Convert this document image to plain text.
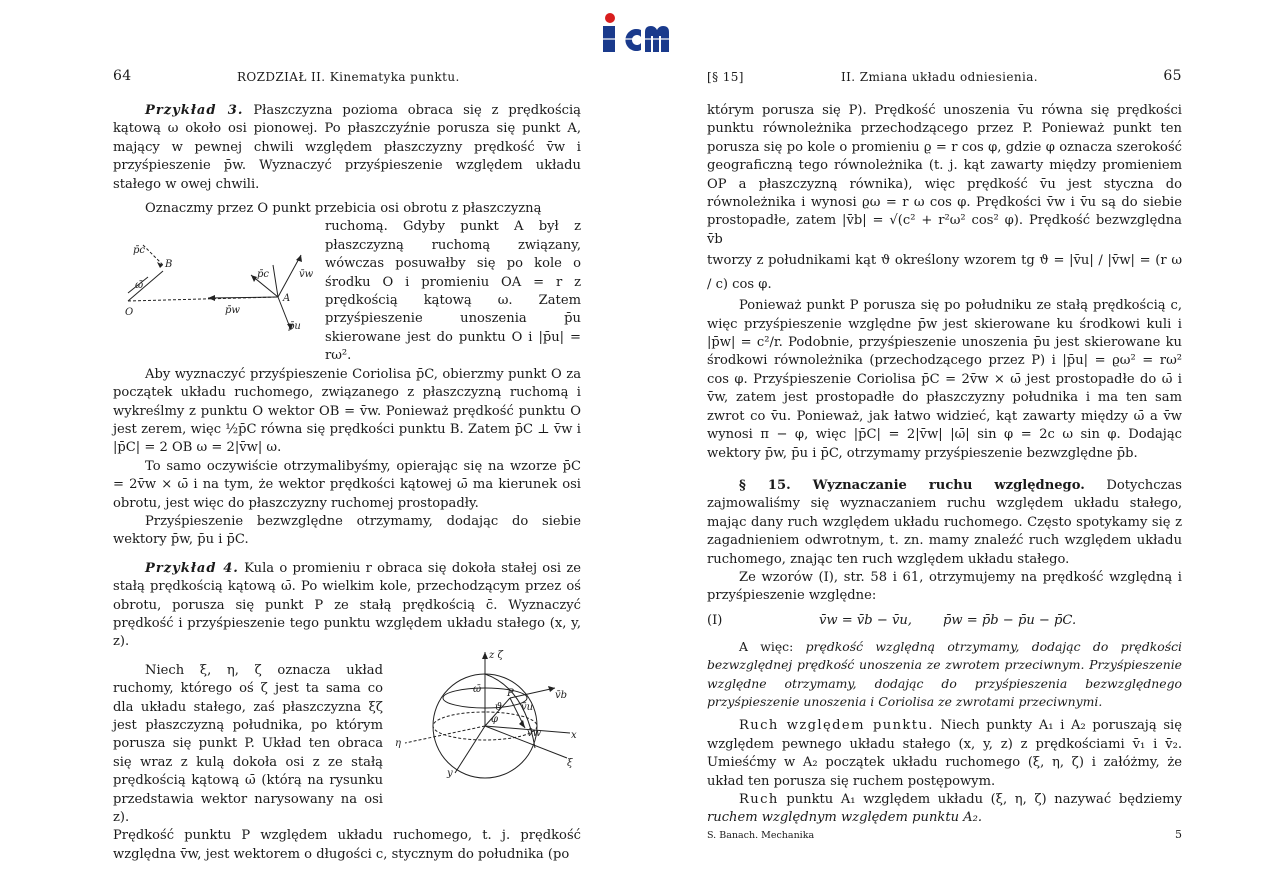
64	ROZDZIAŁ II. Kinematyka punktu.

Przykład 3. Płaszczyzna pozioma obraca się z prędkością kątową ω około osi pionowej. Po płaszczyźnie porusza się punkt A, mający w pewnej chwili względem płaszczyzny prędkość v̄w i przyśpieszenie p̄w. Wyznaczyć przyśpieszenie względem układu stałego w owej chwili.

Oznaczmy przez O punkt przebicia osi obrotu z płaszczyzną

ruchomą. Gdyby punkt A był z płaszczyzną ruchomą związany, wówczas posuwałby się po kole o środku O i promieniu OA = r z prędkością kątową ω. Zatem przyśpieszenie unoszenia p̄u skierowane jest do punktu O i |p̄u| = rω².

Aby wyznaczyć przyśpieszenie Coriolisa p̄C, obierzmy punkt O za początek układu ruchomego, związanego z płaszczyzną ruchomą i wykreślmy z punktu O wektor OB = v̄w. Ponieważ prędkość punktu O jest zerem, więc ½p̄C równa się prędkości punktu B. Zatem p̄C ⊥ v̄w i |p̄C| = 2 OB ω = 2|v̄w| ω.

To samo oczywiście otrzymalibyśmy, opierając się na wzorze p̄C = 2v̄w × ω̄ i na tym, że wektor prędkości kątowej ω̄ ma kierunek osi obrotu, jest więc do płaszczyzny ruchomej prostopadły.

Przyśpieszenie bezwzględne otrzymamy, dodając do siebie wektory p̄w, p̄u i p̄C.

Przykład 4. Kula o promieniu r obraca się dokoła stałej osi ze stałą prędkością kątową ω̄. Po wielkim kole, przechodzącym przez oś obrotu, porusza się punkt P ze stałą prędkością c̄. Wyznaczyć prędkość i przyśpieszenie tego punktu względem układu stałego (x, y, z).

Niech ξ, η, ζ oznacza układ ruchomy, którego oś ζ jest ta sama co dla układu stałego, zaś płaszczyzna ξζ jest płaszczyzną południka, po którym porusza się punkt P. Układ ten obraca się wraz z kulą dokoła osi z ze stałą prędkością kątową ω̄ (którą na rysunku przedstawia wektor narysowany na osi z).

Prędkość punktu P względem układu ruchomego, t. j. prędkość względna v̄w, jest wektorem o długości c, stycznym do południka (po

p̄c
B
ω̄
O	p̄w
p̄c	v̄w
A
p̄u
z ζ
ω̄	P	v̄b
v̄u
v̄w
ϑ
η
y
x
ξ
φ
[§ 15]	II. Zmiana układu odniesienia.	65

którym porusza się P). Prędkość unoszenia v̄u równa się prędkości punktu równoleżnika przechodzącego przez P. Ponieważ punkt ten porusza się po kole o promieniu ϱ = r cos φ, gdzie φ oznacza szerokość geograficzną tego równoleżnika (t. j. kąt zawarty między promieniem OP a płaszczyzną równika), więc prędkość v̄u jest styczna do równoleżnika i wynosi ϱω = r ω cos φ. Prędkości v̄w i v̄u są do siebie prostopadłe, zatem |v̄b| = √(c² + r²ω² cos² φ). Prędkość bezwzględna v̄b

tworzy z południkami kąt ϑ określony wzorem tg ϑ = |v̄u| / |v̄w| = (r ω / c) cos φ.

Ponieważ punkt P porusza się po południku ze stałą prędkością c, więc przyśpieszenie względne p̄w jest skierowane ku środkowi kuli i |p̄w| = c²/r. Podobnie, przyśpieszenie unoszenia p̄u jest skierowane ku środkowi równoleżnika (przechodzącego przez P) i |p̄u| = ϱω² = rω² cos φ. Przyśpieszenie Coriolisa p̄C = 2v̄w × ω̄ jest prostopadłe do ω̄ i v̄w, zatem jest prostopadłe do płaszczyzny południka i ma ten sam zwrot co v̄u. Ponieważ, jak łatwo widzieć, kąt zawarty między ω̄ a v̄w wynosi π − φ, więc |p̄C| = 2|v̄w| |ω̄| sin φ = 2c ω sin φ. Dodając wektory p̄w, p̄u i p̄C, otrzymamy przyśpieszenie bezwzględne p̄b.

§ 15. Wyznaczanie ruchu względnego. Dotychczas zajmowaliśmy się wyznaczaniem ruchu względem układu stałego, mając dany ruch względem układu ruchomego. Często spotykamy się z zagadnieniem odwrotnym, t. zn. mamy znaleźć ruch względem układu ruchomego, znając ten ruch względem układu stałego.

Ze wzorów (I), str. 58 i 61, otrzymujemy na prędkość względną i przyśpieszenie względne:

(I)	v̄w = v̄b − v̄u, p̄w = p̄b − p̄u − p̄C.

A więc: prędkość względną otrzymamy, dodając do prędkości bezwzględnej prędkość unoszenia ze zwrotem przeciwnym. Przyśpieszenie względne otrzymamy, dodając do przyśpieszenia bezwzględnego przyśpieszenie unoszenia i Coriolisa ze zwrotami przeciwnymi.

Ruch względem punktu. Niech punkty A₁ i A₂ poruszają się względem pewnego układu stałego (x, y, z) z prędkościami v̄₁ i v̄₂. Umieśćmy w A₂ początek układu ruchomego (ξ, η, ζ) i załóżmy, że układ ten porusza się ruchem postępowym.

Ruch punktu A₁ względem układu (ξ, η, ζ) nazywać będziemy ruchem względnym względem punktu A₂.

S. Banach. Mechanika	5
